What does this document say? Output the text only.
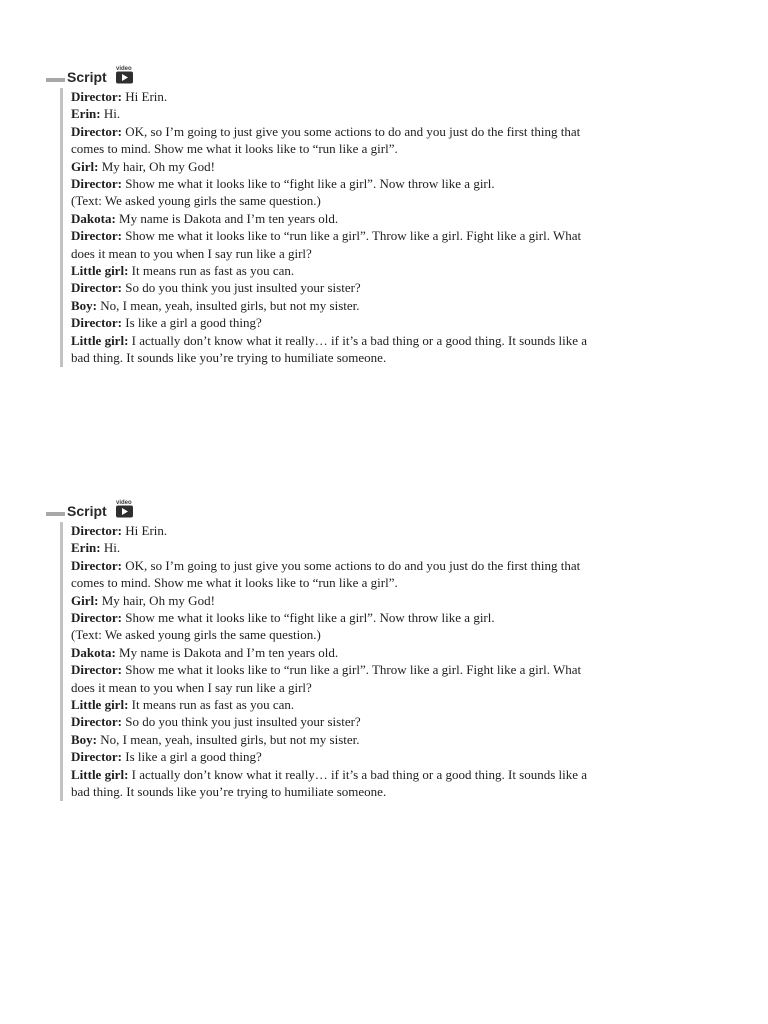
Script video

Director: Hi Erin.

Erin: Hi.

Director: OK, so I’m going to just give you some actions to do and you just do the first thing that comes to mind. Show me what it looks like to “run like a girl”.

Girl: My hair, Oh my God!

Director: Show me what it looks like to “fight like a girl”. Now throw like a girl.

(Text: We asked young girls the same question.)

Dakota: My name is Dakota and I’m ten years old.

Director: Show me what it looks like to “run like a girl”. Throw like a girl. Fight like a girl. What does it mean to you when I say run like a girl?

Little girl: It means run as fast as you can.

Director: So do you think you just insulted your sister?

Boy: No, I mean, yeah, insulted girls, but not my sister.

Director: Is like a girl a good thing?

Little girl: I actually don’t know what it really… if it’s a bad thing or a good thing. It sounds like a bad thing. It sounds like you’re trying to humiliate someone.

Script video

Director: Hi Erin.

Erin: Hi.

Director: OK, so I’m going to just give you some actions to do and you just do the first thing that comes to mind. Show me what it looks like to “run like a girl”.

Girl: My hair, Oh my God!

Director: Show me what it looks like to “fight like a girl”. Now throw like a girl.

(Text: We asked young girls the same question.)

Dakota: My name is Dakota and I’m ten years old.

Director: Show me what it looks like to “run like a girl”. Throw like a girl. Fight like a girl. What does it mean to you when I say run like a girl?

Little girl: It means run as fast as you can.

Director: So do you think you just insulted your sister?

Boy: No, I mean, yeah, insulted girls, but not my sister.

Director: Is like a girl a good thing?

Little girl: I actually don’t know what it really… if it’s a bad thing or a good thing. It sounds like a bad thing. It sounds like you’re trying to humiliate someone.
